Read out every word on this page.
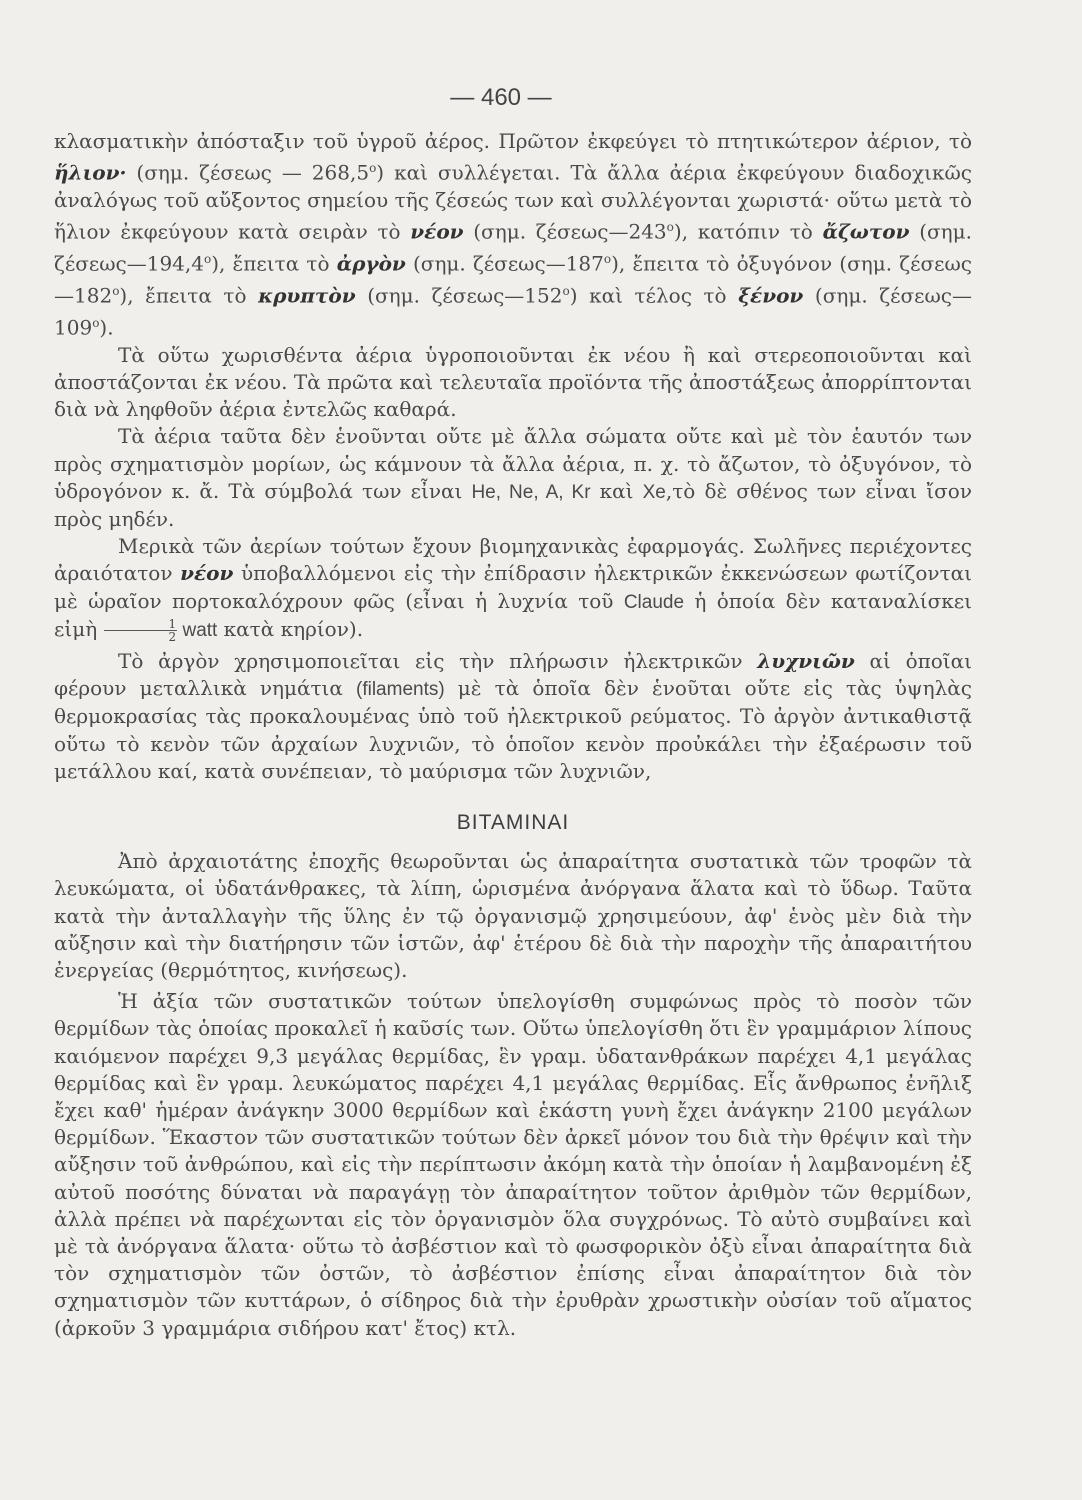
— 460 —

κλασματικὴν ἀπόσταξιν τοῦ ὑγροῦ ἀέρος. Πρῶτον ἐκφεύγει τὸ πτητικώτερον ἀέριον, τὸ ἥλιον· (σημ. ζέσεως — $268,5^o$) καὶ συλλέγεται. Τὰ ἄλλα ἀέρια ἐκφεύγουν διαδοχικῶς ἀναλόγως τοῦ αὔξοντος σημείου τῆς ζέσεώς των καὶ συλλέγονται χωριστά· οὕτω μετὰ τὸ ἥλιον ἐκφεύγουν κατὰ σειρὰν τὸ νέον (σημ. $\zeta έ\sigma\varepsilon\omega\varsigma—243^o$), κατόπιν τὸ ἄζωτον (σημ. $\zeta έ\sigma\varepsilon\omega\varsigma—194,4^o$), ἔπειτα τὸ ἀργὸν (σημ. $\zeta έ\sigma\varepsilon\omega\varsigma—187^o$), ἔπειτα τὸ ὀξυγόνον (σημ. $\zeta έ\sigma\varepsilon\omega\varsigma—182^o$), ἔπειτα τὸ κρυπτὸν (σημ. $\zeta έ\sigma\varepsilon\omega\varsigma—152^o$) καὶ τέλος τὸ ξένον (σημ. $\zeta έ\sigma\varepsilon\omega\varsigma—109^o$).

Τὰ οὕτω χωρισθέντα ἀέρια ὑγροποιοῦνται ἐκ νέου ἢ καὶ στερεοποιοῦνται καὶ ἀποστάζονται ἐκ νέου. Τὰ πρῶτα καὶ τελευταῖα προϊόντα τῆς ἀποστάξεως ἀπορρίπτονται διὰ νὰ ληφθοῦν ἀέρια ἐντελῶς καθαρά.

Τὰ ἀέρια ταῦτα δὲν ἑνοῦνται οὔτε μὲ ἄλλα σώματα οὔτε καὶ μὲ τὸν ἑαυτόν των πρὸς σχηματισμὸν μορίων, ὡς κάμνουν τὰ ἄλλα ἀέρια, π. χ. τὸ ἄζωτον, τὸ ὀξυγόνον, τὸ ὑδρογόνον κ. ἄ. Τὰ σύμβολά των εἶναι He, Ne, A, Kr καὶ Xe,τὸ δὲ σθένος των εἶναι ἴσον πρὸς μηδέν.

Μερικὰ τῶν ἀερίων τούτων ἔχουν βιομηχανικὰς ἐφαρμογάς. Σωλῆνες περιέχοντες ἀραιότατον νέον ὑποβαλλόμενοι εἰς τὴν ἐπίδρασιν ἠλεκτρικῶν ἐκκενώσεων φωτίζονται μὲ ὡραῖον πορτοκαλόχρουν φῶς (εἶναι ἡ λυχνία τοῦ Claude ἡ ὁποία δὲν καταναλίσκει εἰμὴ $\frac{1}{2}$ watt κατὰ κηρίον).

Τὸ ἀργὸν χρησιμοποιεῖται εἰς τὴν πλήρωσιν ἠλεκτρικῶν λυχνιῶν αἱ ὁποῖαι φέρουν μεταλλικὰ νημάτια (filaments) μὲ τὰ ὁποῖα δὲν ἑνοῦται οὔτε εἰς τὰς ὑψηλὰς θερμοκρασίας τὰς προκαλουμένας ὑπὸ τοῦ ἠλεκτρικοῦ ρεύματος. Τὸ ἀργὸν ἀντικαθιστᾷ οὕτω τὸ κενὸν τῶν ἀρχαίων λυχνιῶν, τὸ ὁποῖον κενὸν προὐκάλει τὴν ἐξαέρωσιν τοῦ μετάλλου καί, κατὰ συνέπειαν, τὸ μαύρισμα τῶν λυχνιῶν,

ΒΙΤΑΜΙΝΑΙ

Ἀπὸ ἀρχαιοτάτης ἐποχῆς θεωροῦνται ὡς ἀπαραίτητα συστατικὰ τῶν τροφῶν τὰ λευκώματα, οἱ ὑδατάνθρακες, τὰ λίπη, ὡρισμένα ἀνόργανα ἅλατα καὶ τὸ ὕδωρ. Ταῦτα κατὰ τὴν ἀνταλλαγὴν τῆς ὕλης ἐν τῷ ὀργανισμῷ χρησιμεύουν, ἀφ' ἑνὸς μὲν διὰ τὴν αὔξησιν καὶ τὴν διατήρησιν τῶν ἱστῶν, ἀφ' ἑτέρου δὲ διὰ τὴν παροχὴν τῆς ἀπαραιτήτου ἐνεργείας (θερμότητος, κινήσεως).

Ἡ ἀξία τῶν συστατικῶν τούτων ὑπελογίσθη συμφώνως πρὸς τὸ ποσὸν τῶν θερμίδων τὰς ὁποίας προκαλεῖ ἡ καῦσίς των. Οὕτω ὑπελογίσθη ὅτι ἓν γραμμάριον λίπους καιόμενον παρέχει 9,3 μεγάλας θερμίδας, ἓν γραμ. ὑδατανθράκων παρέχει 4,1 μεγάλας θερμίδας καὶ ἓν γραμ. λευκώματος παρέχει 4,1 μεγάλας θερμίδας. Εἷς ἄνθρωπος ἐνῆλιξ ἔχει καθ' ἡμέραν ἀνάγκην 3000 θερμίδων καὶ ἑκάστη γυνὴ ἔχει ἀνάγκην 2100 μεγάλων θερμίδων. Ἕκαστον τῶν συστατικῶν τούτων δὲν ἀρκεῖ μόνον του διὰ τὴν θρέψιν καὶ τὴν αὔξησιν τοῦ ἀνθρώπου, καὶ εἰς τὴν περίπτωσιν ἀκόμη κατὰ τὴν ὁποίαν ἡ λαμβανομένη ἐξ αὐτοῦ ποσότης δύναται νὰ παραγάγῃ τὸν ἀπαραίτητον τοῦτον ἀριθμὸν τῶν θερμίδων, ἀλλὰ πρέπει νὰ παρέχωνται εἰς τὸν ὀργανισμὸν ὅλα συγχρόνως. Τὸ αὐτὸ συμβαίνει καὶ μὲ τὰ ἀνόργανα ἅλατα· οὕτω τὸ ἀσβέστιον καὶ τὸ φωσφορικὸν ὀξὺ εἶναι ἀπαραίτητα διὰ τὸν σχηματισμὸν τῶν ὀστῶν, τὸ ἀσβέστιον ἐπίσης εἶναι ἀπαραίτητον διὰ τὸν σχηματισμὸν τῶν κυττάρων, ὁ σίδηρος διὰ τὴν ἐρυθρὰν χρωστικὴν οὐσίαν τοῦ αἵματος (ἀρκοῦν 3 γραμμάρια σιδήρου κατ' ἔτος) κτλ.
